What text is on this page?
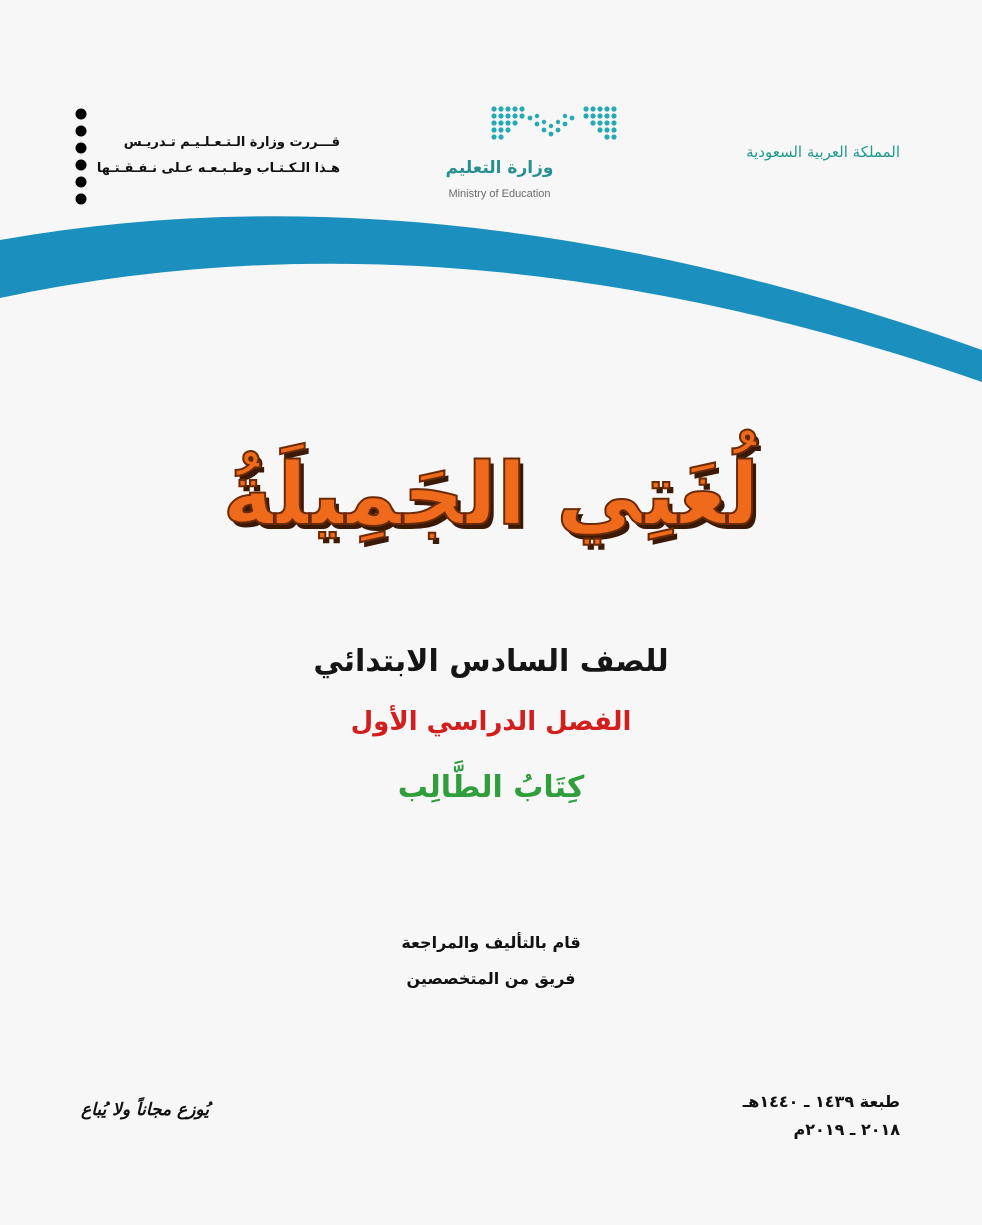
المملكة العربية السعودية
وزارة التعليم
Ministry of Education
قـــررت وزارة الـتـعـلـيـم تـدريـس
هـذا الـكـتـاب وطـبـعـه عـلى نـفـقـتـها
لُغَتِي الجَمِيلَةُ
للصف السادس الابتدائي
الفصل الدراسي الأول
كِتَابُ الطَّالِب
قام بالتأليف والمراجعة
فريق من المتخصصين
يُوزع مجاناً ولا يُباع	طبعة ١٤٣٩ ـ ١٤٤٠هـ
٢٠١٨ ـ ٢٠١٩م
